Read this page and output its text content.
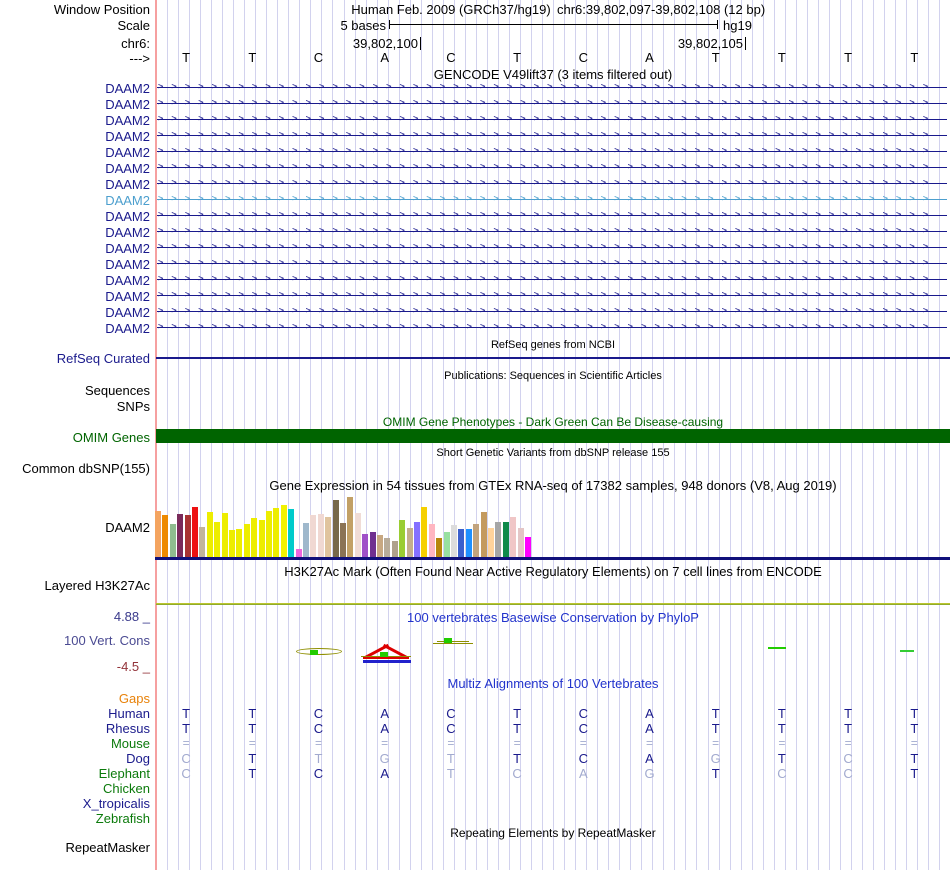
Window Position	Human Feb. 2009 (GRCh37/hg19) chr6:39,802,097-39,802,108 (12 bp)
Scale	5 bases	hg19
chr6:	39,802,100	39,802,105
--->	T	T	C	A	C	T	C	A	T	T	T	T
GENCODE V49lift37 (3 items filtered out)
DAAM2 >>>>>>>>>>>>>>>>>>>>>>>>>>>>>>>>>>>>>>>>>>>>>>>>>>>>>>>>>>
DAAM2 >>>>>>>>>>>>>>>>>>>>>>>>>>>>>>>>>>>>>>>>>>>>>>>>>>>>>>>>>>
DAAM2 >>>>>>>>>>>>>>>>>>>>>>>>>>>>>>>>>>>>>>>>>>>>>>>>>>>>>>>>>>
DAAM2 >>>>>>>>>>>>>>>>>>>>>>>>>>>>>>>>>>>>>>>>>>>>>>>>>>>>>>>>>>
DAAM2 >>>>>>>>>>>>>>>>>>>>>>>>>>>>>>>>>>>>>>>>>>>>>>>>>>>>>>>>>>
DAAM2 >>>>>>>>>>>>>>>>>>>>>>>>>>>>>>>>>>>>>>>>>>>>>>>>>>>>>>>>>>
DAAM2 >>>>>>>>>>>>>>>>>>>>>>>>>>>>>>>>>>>>>>>>>>>>>>>>>>>>>>>>>>
DAAM2 >>>>>>>>>>>>>>>>>>>>>>>>>>>>>>>>>>>>>>>>>>>>>>>>>>>>>>>>>>
DAAM2 >>>>>>>>>>>>>>>>>>>>>>>>>>>>>>>>>>>>>>>>>>>>>>>>>>>>>>>>>>
DAAM2 >>>>>>>>>>>>>>>>>>>>>>>>>>>>>>>>>>>>>>>>>>>>>>>>>>>>>>>>>>
DAAM2 >>>>>>>>>>>>>>>>>>>>>>>>>>>>>>>>>>>>>>>>>>>>>>>>>>>>>>>>>>
DAAM2 >>>>>>>>>>>>>>>>>>>>>>>>>>>>>>>>>>>>>>>>>>>>>>>>>>>>>>>>>>
DAAM2 >>>>>>>>>>>>>>>>>>>>>>>>>>>>>>>>>>>>>>>>>>>>>>>>>>>>>>>>>>
DAAM2 >>>>>>>>>>>>>>>>>>>>>>>>>>>>>>>>>>>>>>>>>>>>>>>>>>>>>>>>>>
DAAM2 >>>>>>>>>>>>>>>>>>>>>>>>>>>>>>>>>>>>>>>>>>>>>>>>>>>>>>>>>>
DAAM2 >>>>>>>>>>>>>>>>>>>>>>>>>>>>>>>>>>>>>>>>>>>>>>>>>>>>>>>>>>
RefSeq genes from NCBI
RefSeq Curated
Publications: Sequences in Scientific Articles
Sequences
SNPs
OMIM Gene Phenotypes - Dark Green Can Be Disease-causing
OMIM Genes
Short Genetic Variants from dbSNP release 155
Common dbSNP(155)
Gene Expression in 54 tissues from GTEx RNA-seq of 17382 samples, 948 donors (V8, Aug 2019)
DAAM2
H3K27Ac Mark (Often Found Near Active Regulatory Elements) on 7 cell lines from ENCODE
Layered H3K27Ac
4.88 _	100 vertebrates Basewise Conservation by PhyloP
100 Vert. Cons
-4.5 _
Multiz Alignments of 100 Vertebrates
Gaps
Human	T	T	C	A	C	T	C	A	T	T	T	T
Rhesus	T	T	C	A	C	T	C	A	T	T	T	T
Mouse	=	=	=	=	=	=	=	=	=	=	=	=
Dog	C	T	T	G	T	T	C	A	G	T	C	T
Elephant	C	T	C	A	T	C	A	G	T	C	C	T
Chicken
X_tropicalis
Zebrafish
Repeating Elements by RepeatMasker
RepeatMasker
